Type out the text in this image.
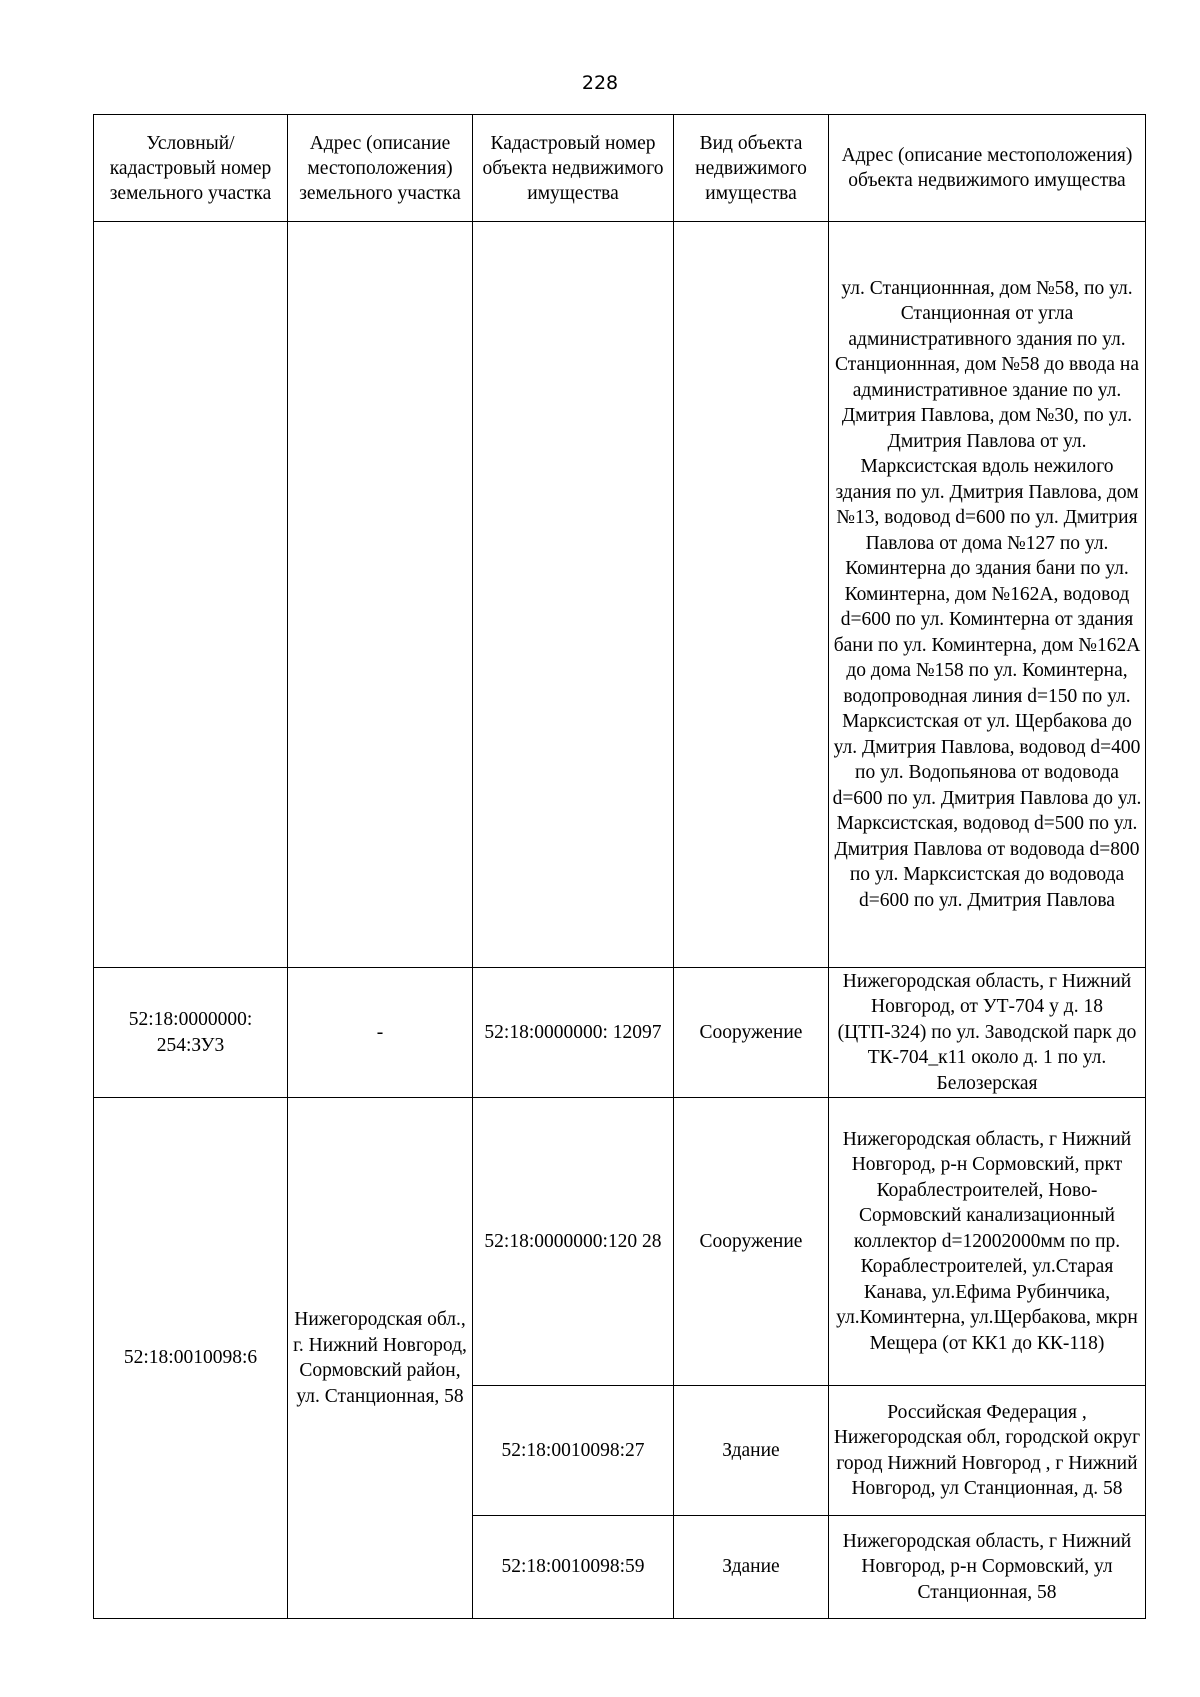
228
Условный/ кадастровый номер земельного участка	Адрес (описание местоположения) земельного участка	Кадастровый номер объекта недвижимого имущества	Вид объекта недвижимого имущества	Адрес (описание местоположения) объекта недвижимого имущества
				ул. Станционнная, дом №58, по ул. Станционная от угла административного здания по ул. Станционнная, дом №58 до ввода на административное здание по ул. Дмитрия Павлова, дом №30, по ул. Дмитрия Павлова от ул. Марксистская вдоль нежилого здания по ул. Дмитрия Павлова, дом №13, водовод d=600 по ул. Дмитрия Павлова от дома №127 по ул. Коминтерна до здания бани по ул. Коминтерна, дом №162А, водовод d=600 по ул. Коминтерна от здания бани по ул. Коминтерна, дом №162А до дома №158 по ул. Коминтерна, водопроводная линия d=150 по ул. Марксистская от ул. Щербакова до ул. Дмитрия Павлова, водовод d=400 по ул. Водопьянова от водовода d=600 по ул. Дмитрия Павлова до ул. Марксистская, водовод d=500 по ул. Дмитрия Павлова от водовода d=800 по ул. Марксистская до водовода d=600 по ул. Дмитрия Павлова
52:18:0000000: 254:ЗУ3	-	52:18:0000000: 12097	Сооружение	Нижегородская область, г Нижний Новгород, от УТ-704 у д. 18 (ЦТП-324) по ул. Заводской парк до ТК-704_к11 около д. 1 по ул. Белозерская
52:18:0010098:6	Нижегородская обл., г. Нижний Новгород, Сормовский район, ул. Станционная, 58	52:18:0000000:120 28	Сооружение	Нижегородская область, г Нижний Новгород, р-н Сормовский, пркт Кораблестроителей, Ново-Сормовский канализационный коллектор d=12002000мм по пр. Кораблестроителей, ул.Старая Канава, ул.Ефима Рубинчика, ул.Коминтерна, ул.Щербакова, мкрн Мещера (от КК1 до КК-118)
		52:18:0010098:27	Здание	Российская Федерация , Нижегородская обл, городской округ город Нижний Новгород , г Нижний Новгород, ул Станционная, д. 58
		52:18:0010098:59	Здание	Нижегородская область, г Нижний Новгород, р-н Сормовский, ул Станционная, 58
